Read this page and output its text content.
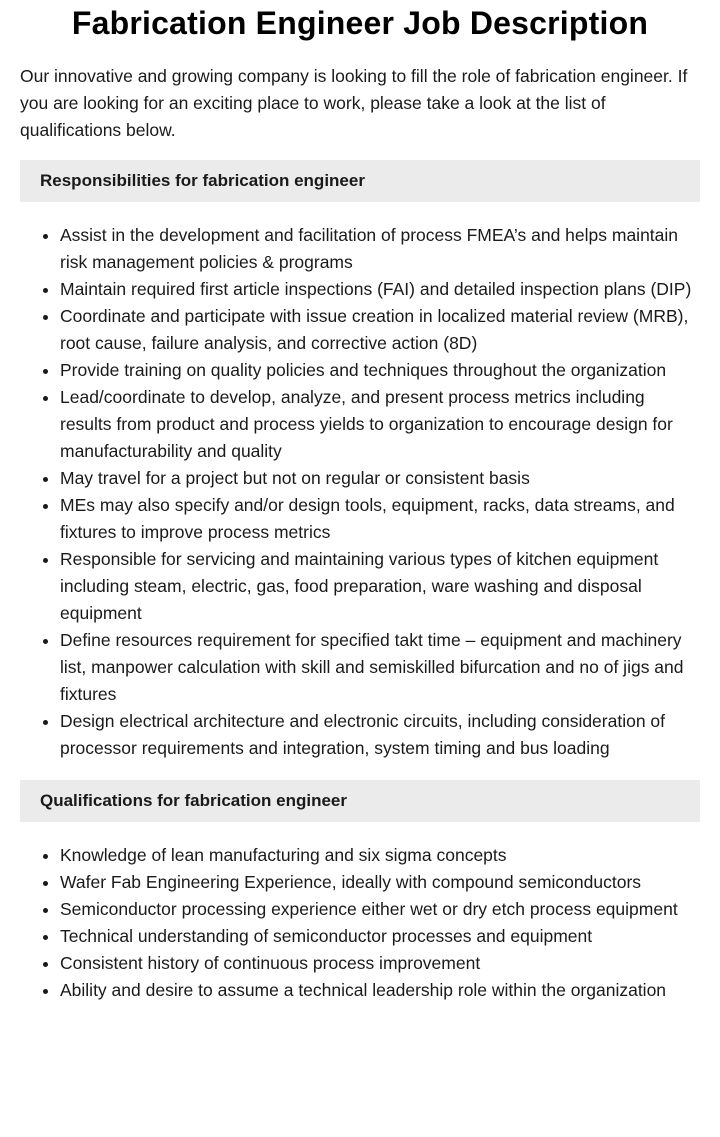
Fabrication Engineer Job Description

Our innovative and growing company is looking to fill the role of fabrication engineer. If you are looking for an exciting place to work, please take a look at the list of qualifications below.

Responsibilities for fabrication engineer
Assist in the development and facilitation of process FMEA’s and helps maintain risk management policies & programs
Maintain required first article inspections (FAI) and detailed inspection plans (DIP)
Coordinate and participate with issue creation in localized material review (MRB), root cause, failure analysis, and corrective action (8D)
Provide training on quality policies and techniques throughout the organization
Lead/coordinate to develop, analyze, and present process metrics including results from product and process yields to organization to encourage design for manufacturability and quality
May travel for a project but not on regular or consistent basis
MEs may also specify and/or design tools, equipment, racks, data streams, and fixtures to improve process metrics
Responsible for servicing and maintaining various types of kitchen equipment including steam, electric, gas, food preparation, ware washing and disposal equipment
Define resources requirement for specified takt time – equipment and machinery list, manpower calculation with skill and semiskilled bifurcation and no of jigs and fixtures
Design electrical architecture and electronic circuits, including consideration of processor requirements and integration, system timing and bus loading
Qualifications for fabrication engineer
Knowledge of lean manufacturing and six sigma concepts
Wafer Fab Engineering Experience, ideally with compound semiconductors
Semiconductor processing experience either wet or dry etch process equipment
Technical understanding of semiconductor processes and equipment
Consistent history of continuous process improvement
Ability and desire to assume a technical leadership role within the organization
